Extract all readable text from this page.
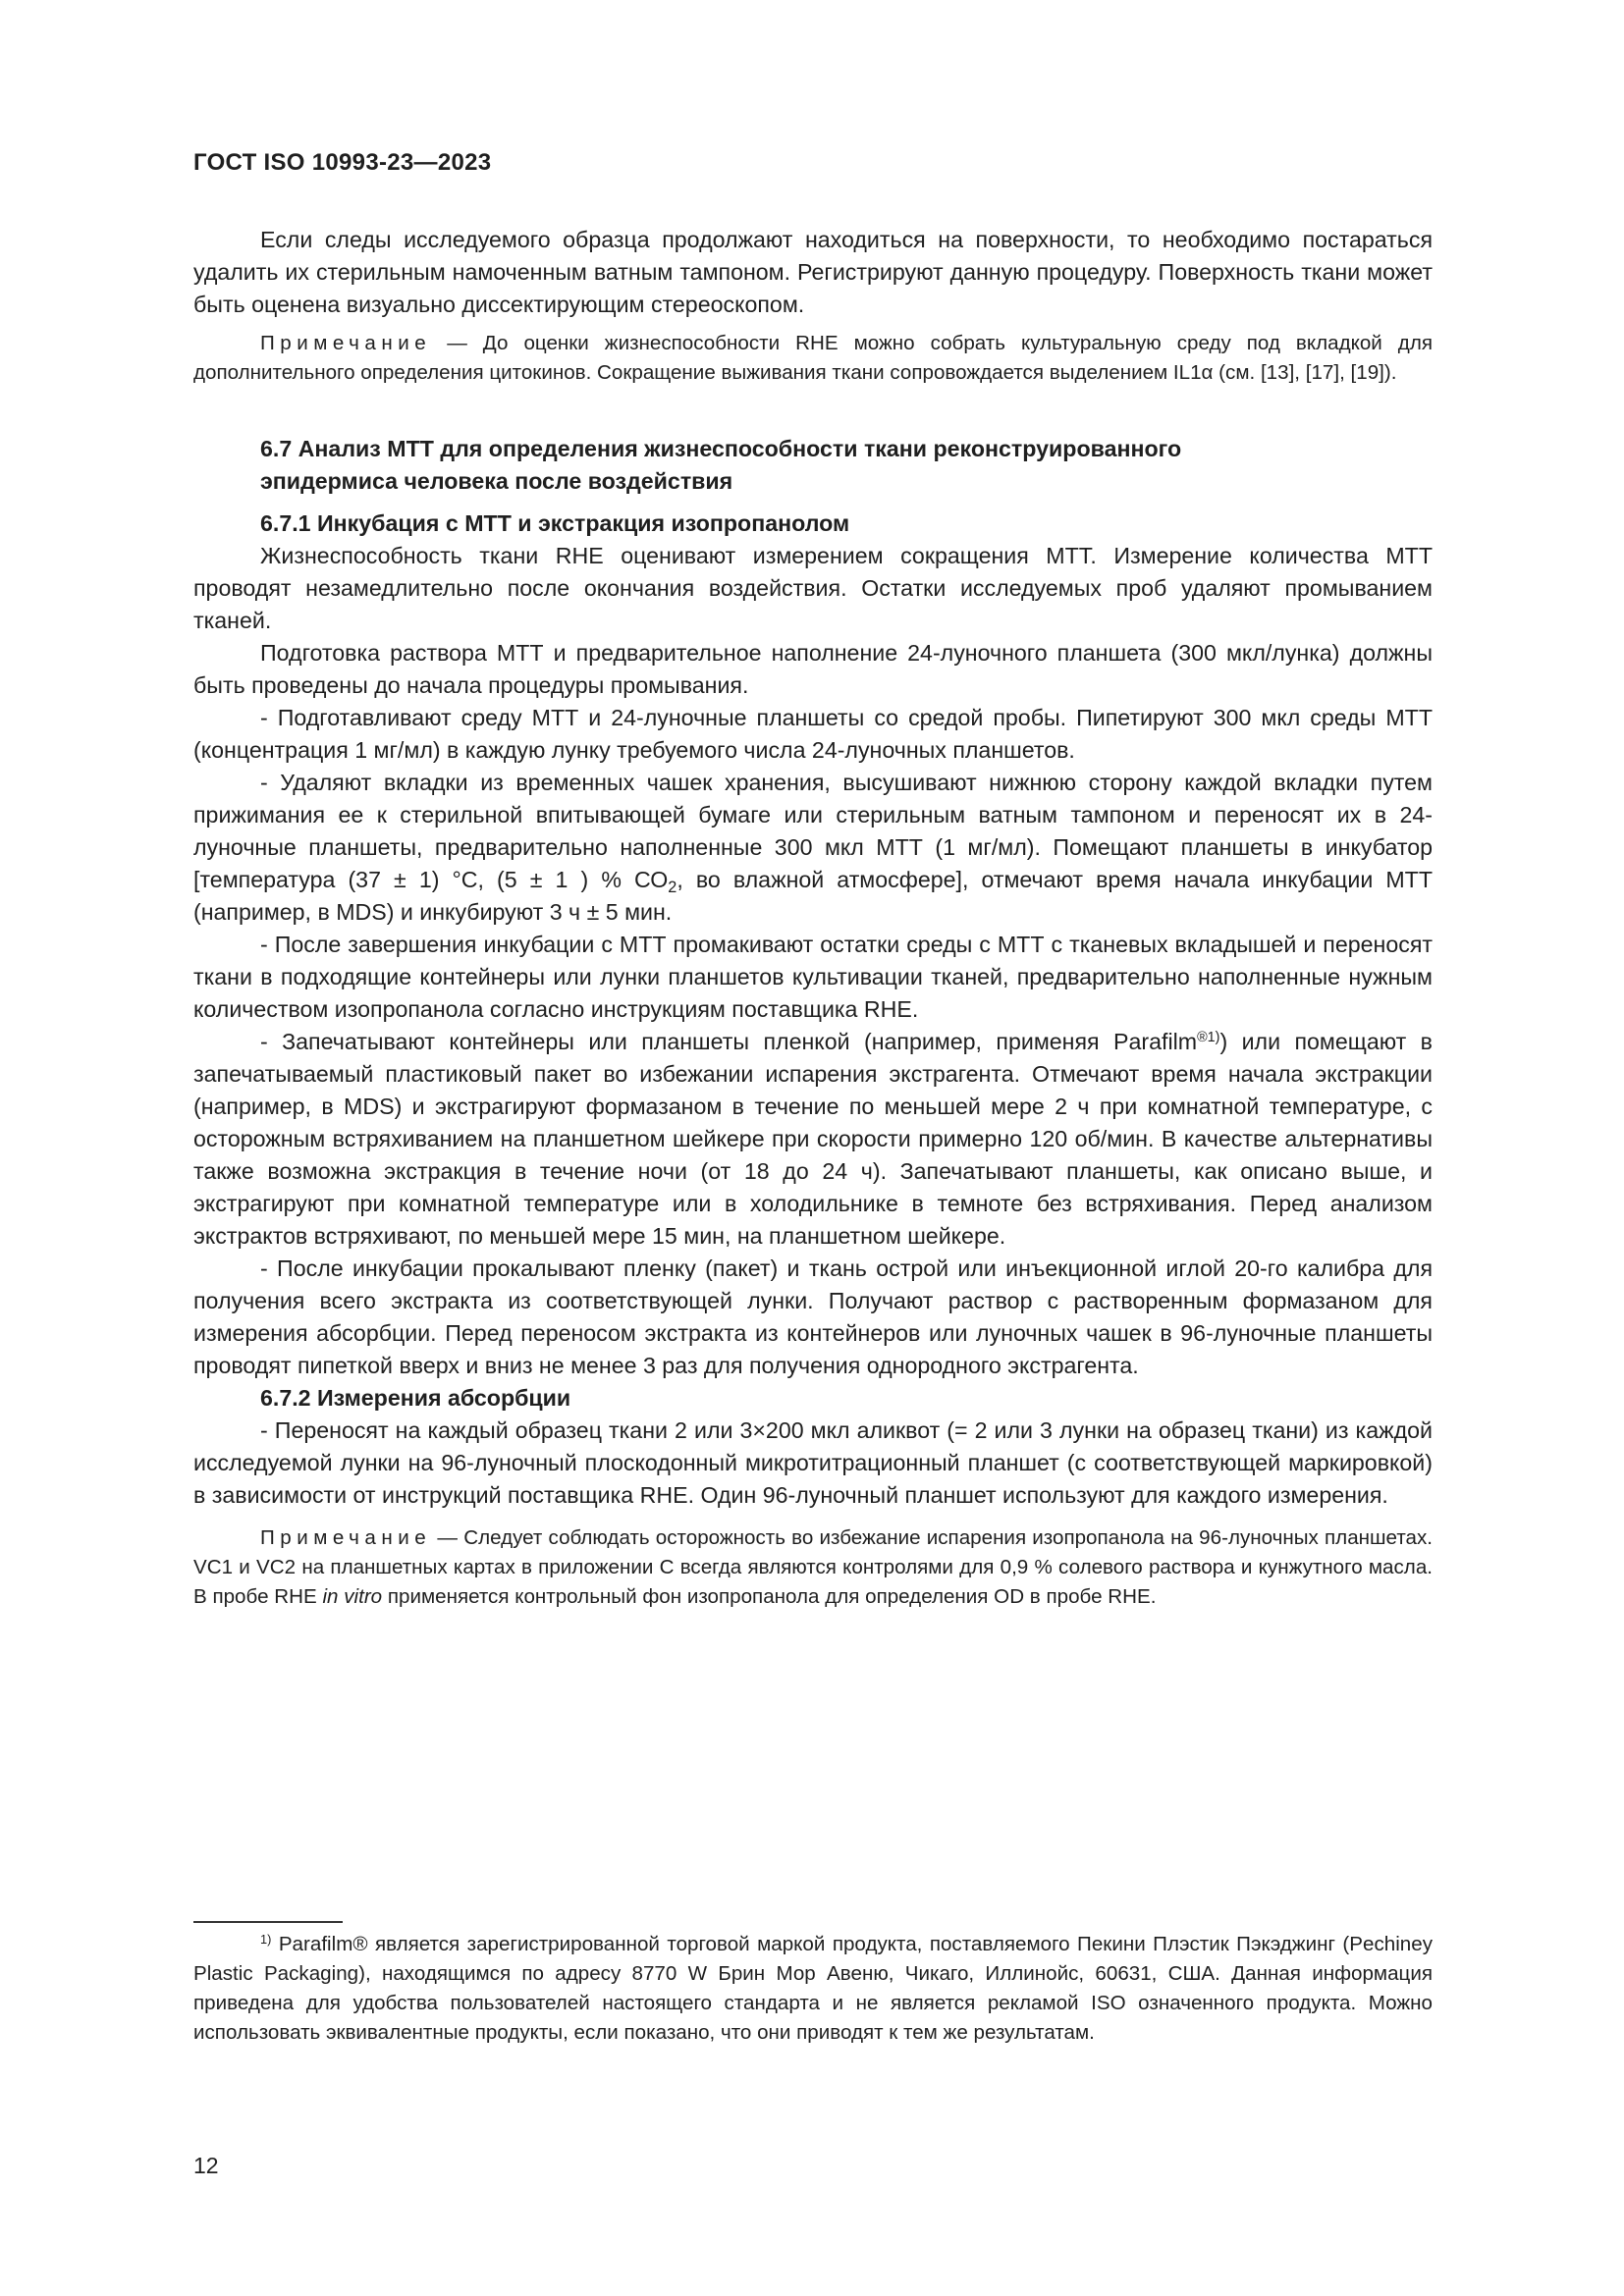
ГОСТ ISO 10993-23—2023

Если следы исследуемого образца продолжают находиться на поверхности, то необходимо постараться удалить их стерильным намоченным ватным тампоном. Регистрируют данную процедуру. Поверхность ткани может быть оценена визуально диссектирующим стереоскопом.

Примечание — До оценки жизнеспособности RHE можно собрать культуральную среду под вкладкой для дополнительного определения цитокинов. Сокращение выживания ткани сопровождается выделением IL1α (см. [13], [17], [19]).

6.7 Анализ МТТ для определения жизнеспособности ткани реконструированного
эпидермиса человека после воздействия
6.7.1 Инкубация с МТТ и экстракция изопропанолом

Жизнеспособность ткани RHE оценивают измерением сокращения МТТ. Измерение количества МТТ проводят незамедлительно после окончания воздействия. Остатки исследуемых проб удаляют промыванием тканей.

Подготовка раствора МТТ и предварительное наполнение 24-луночного планшета (300 мкл/лунка) должны быть проведены до начала процедуры промывания.

- Подготавливают среду МТТ и 24-луночные планшеты со средой пробы. Пипетируют 300 мкл среды МТТ (концентрация 1 мг/мл) в каждую лунку требуемого числа 24-луночных планшетов.

- Удаляют вкладки из временных чашек хранения, высушивают нижнюю сторону каждой вкладки путем прижимания ее к стерильной впитывающей бумаге или стерильным ватным тампоном и переносят их в 24-луночные планшеты, предварительно наполненные 300 мкл МТТ (1 мг/мл). Помещают планшеты в инкубатор [температура (37 ± 1) °С, (5 ± 1 ) % $СО_2$, во влажной атмосфере], отмечают время начала инкубации МТТ (например, в MDS) и инкубируют 3 ч ± 5 мин.

- После завершения инкубации с МТТ промакивают остатки среды с МТТ с тканевых вкладышей и переносят ткани в подходящие контейнеры или лунки планшетов культивации тканей, предварительно наполненные нужным количеством изопропанола согласно инструкциям поставщика RHE.

- Запечатывают контейнеры или планшеты пленкой (например, применяя Parafilm$^{®1)}$) или помещают в запечатываемый пластиковый пакет во избежании испарения экстрагента. Отмечают время начала экстракции (например, в MDS) и экстрагируют формазаном в течение по меньшей мере 2 ч при комнатной температуре, с осторожным встряхиванием на планшетном шейкере при скорости примерно 120 об/мин. В качестве альтернативы также возможна экстракция в течение ночи (от 18 до 24 ч). Запечатывают планшеты, как описано выше, и экстрагируют при комнатной температуре или в холодильнике в темноте без встряхивания. Перед анализом экстрактов встряхивают, по меньшей мере 15 мин, на планшетном шейкере.

- После инкубации прокалывают пленку (пакет) и ткань острой или инъекционной иглой 20-го калибра для получения всего экстракта из соответствующей лунки. Получают раствор с растворенным формазаном для измерения абсорбции. Перед переносом экстракта из контейнеров или луночных чашек в 96-луночные планшеты проводят пипеткой вверх и вниз не менее 3 раз для получения однородного экстрагента.

6.7.2 Измерения абсорбции

- Переносят на каждый образец ткани 2 или 3×200 мкл аликвот (= 2 или 3 лунки на образец ткани) из каждой исследуемой лунки на 96-луночный плоскодонный микротитрационный планшет (с соответствующей маркировкой) в зависимости от инструкций поставщика RHE. Один 96-луночный планшет используют для каждого измерения.

Примечание — Следует соблюдать осторожность во избежание испарения изопропанола на 96-луночных планшетах. VC1 и VC2 на планшетных картах в приложении С всегда являются контролями для 0,9 % солевого раствора и кунжутного масла. В пробе RHE in vitro применяется контрольный фон изопропанола для определения OD в пробе RHE.

$^{1)}$ Parafilm® является зарегистрированной торговой маркой продукта, поставляемого Пекини Плэстик Пэкэджинг (Pechiney Plastic Packaging), находящимся по адресу 8770 W Брин Мор Авеню, Чикаго, Иллинойс, 60631, США. Данная информация приведена для удобства пользователей настоящего стандарта и не является рекламой ISO означенного продукта. Можно использовать эквивалентные продукты, если показано, что они приводят к тем же результатам.

12
